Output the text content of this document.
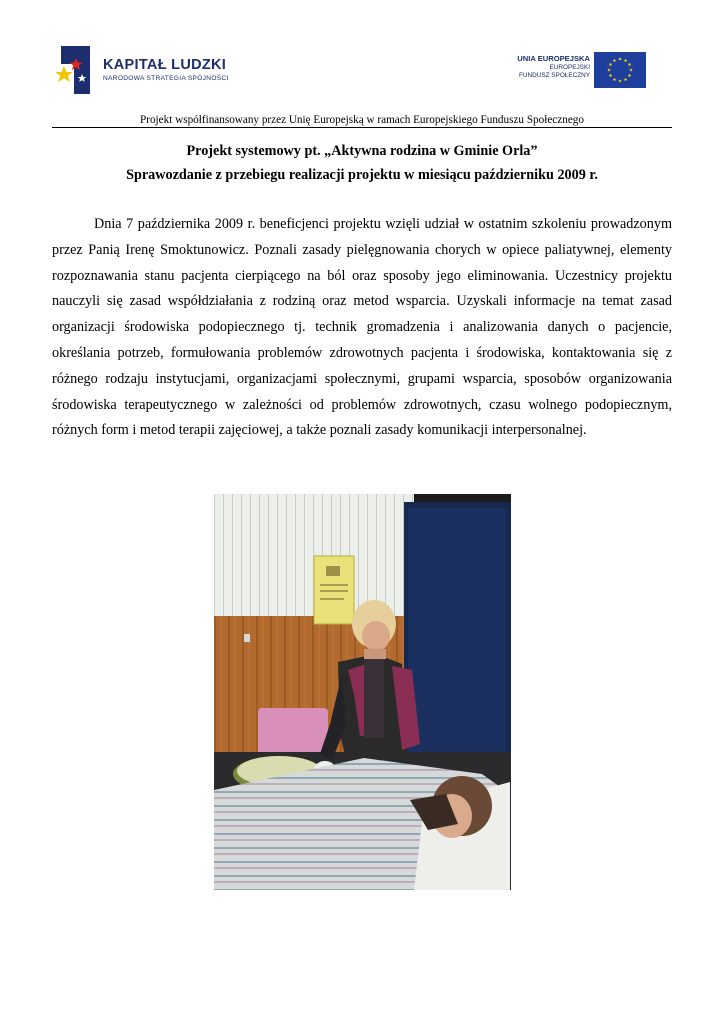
KAPITAŁ LUDZKI
NARODOWA STRATEGIA SPÓJNOŚCI
UNIA EUROPEJSKA
EUROPEJSKI
FUNDUSZ SPOŁECZNY
Projekt współfinansowany przez Unię Europejską w ramach Europejskiego Funduszu Społecznego
Projekt systemowy pt. „Aktywna rodzina w Gminie Orla”
Sprawozdanie z przebiegu realizacji projektu w miesiącu październiku 2009 r.

Dnia 7 października 2009 r. beneficjenci projektu wzięli udział w ostatnim szkoleniu prowadzonym przez Panią Irenę Smoktunowicz. Poznali zasady pielęgnowania chorych w opiece paliatywnej, elementy rozpoznawania stanu pacjenta cierpiącego na ból oraz sposoby jego eliminowania. Uczestnicy projektu nauczyli się zasad współdziałania z rodziną oraz metod wsparcia. Uzyskali informacje na temat zasad organizacji środowiska podopiecznego tj. technik gromadzenia i analizowania danych o pacjencie, określania potrzeb, formułowania problemów zdrowotnych pacjenta i środowiska, kontaktowania się z różnego rodzaju instytucjami, organizacjami społecznymi, grupami wsparcia, sposobów organizowania środowiska terapeutycznego w zależności od problemów zdrowotnych, czasu wolnego podopiecznym, różnych form i metod terapii zajęciowej, a także poznali zasady komunikacji interpersonalnej.
